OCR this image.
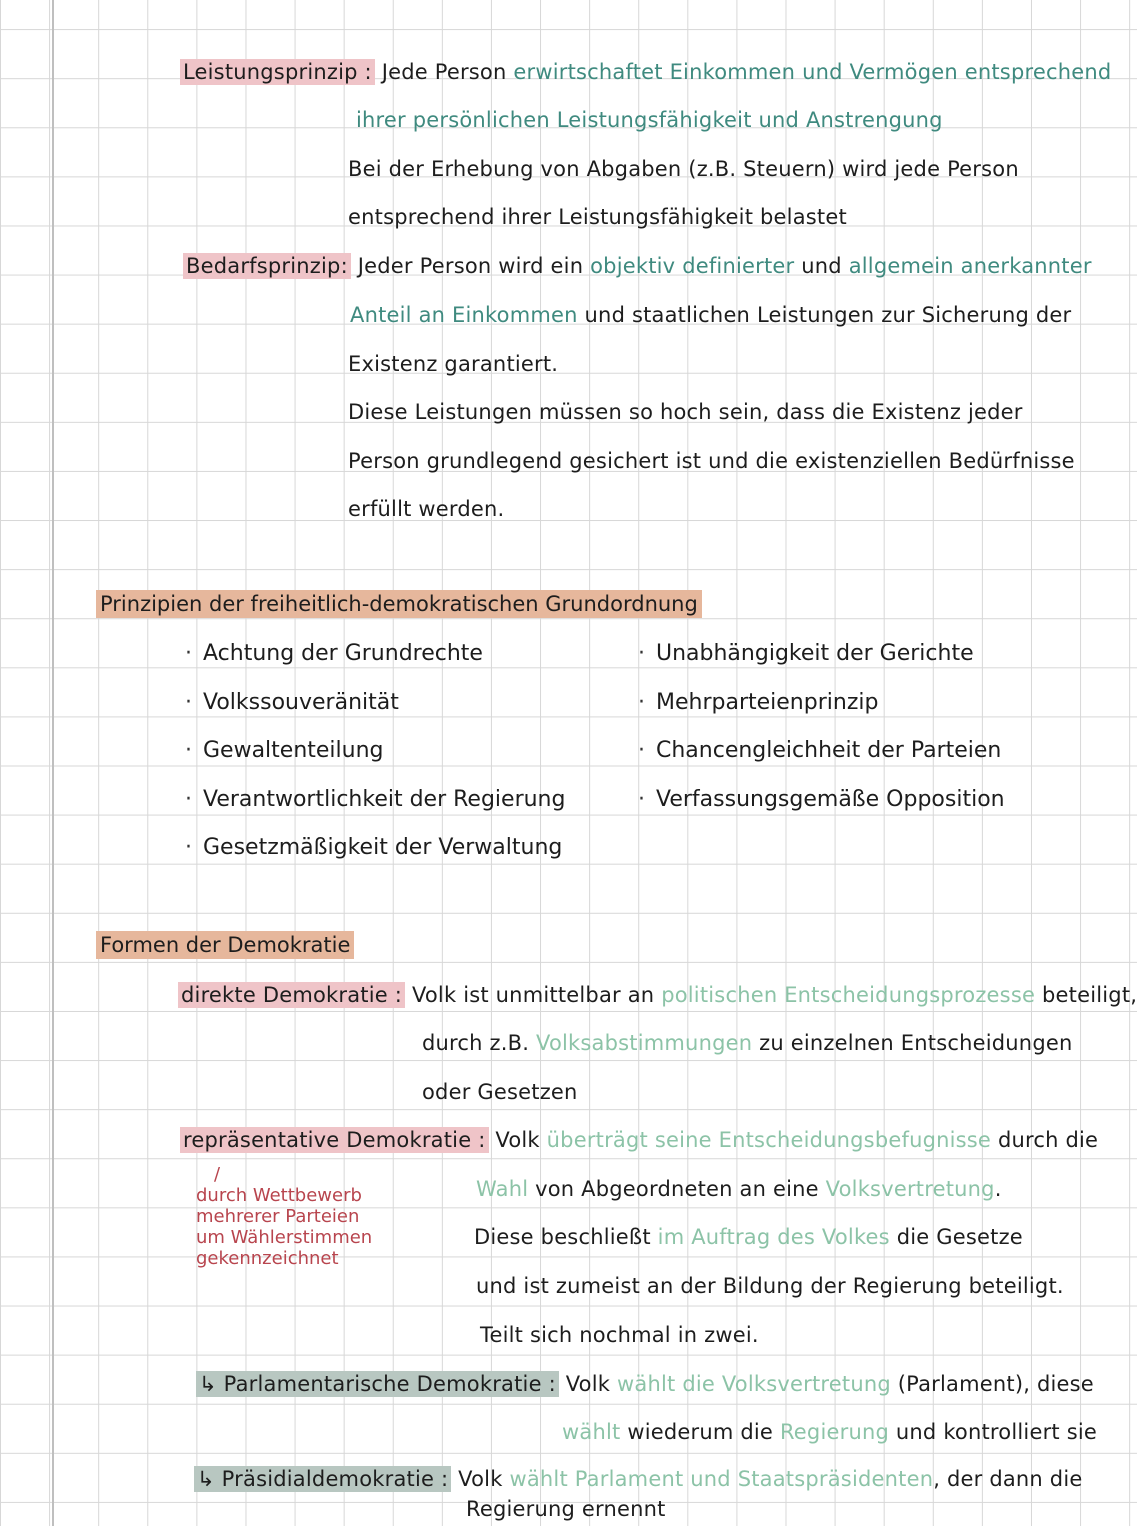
Leistungsprinzip : Jede Person erwirtschaftet Einkommen und Vermögen entsprechend
ihrer persönlichen Leistungsfähigkeit und Anstrengung
Bei der Erhebung von Abgaben (z.B. Steuern) wird jede Person
entsprechend ihrer Leistungsfähigkeit belastet
Bedarfsprinzip: Jeder Person wird ein objektiv definierter und allgemein anerkannter
Anteil an Einkommen und staatlichen Leistungen zur Sicherung der
Existenz garantiert.
Diese Leistungen müssen so hoch sein, dass die Existenz jeder
Person grundlegend gesichert ist und die existenziellen Bedürfnisse
erfüllt werden.
Prinzipien der freiheitlich-demokratischen Grundordnung
· Achtung der Grundrechte
· Volkssouveränität
· Gewaltenteilung
· Verantwortlichkeit der Regierung
· Gesetzmäßigkeit der Verwaltung
· Unabhängigkeit der Gerichte
· Mehrparteienprinzip
· Chancengleichheit der Parteien
· Verfassungsgemäße Opposition
Formen der Demokratie
direkte Demokratie : Volk ist unmittelbar an politischen Entscheidungsprozesse beteiligt,
durch z.B. Volksabstimmungen zu einzelnen Entscheidungen
oder Gesetzen
repräsentative Demokratie : Volk überträgt seine Entscheidungsbefugnisse durch die
Wahl von Abgeordneten an eine Volksvertretung.
Diese beschließt im Auftrag des Volkes die Gesetze
und ist zumeist an der Bildung der Regierung beteiligt.
Teilt sich nochmal in zwei.
/
durch Wettbewerb
mehrerer Parteien
um Wählerstimmen
gekennzeichnet
↳ Parlamentarische Demokratie : Volk wählt die Volksvertretung (Parlament), diese
wählt wiederum die Regierung und kontrolliert sie
↳ Präsidialdemokratie : Volk wählt Parlament und Staatspräsidenten, der dann die
Regierung ernennt
